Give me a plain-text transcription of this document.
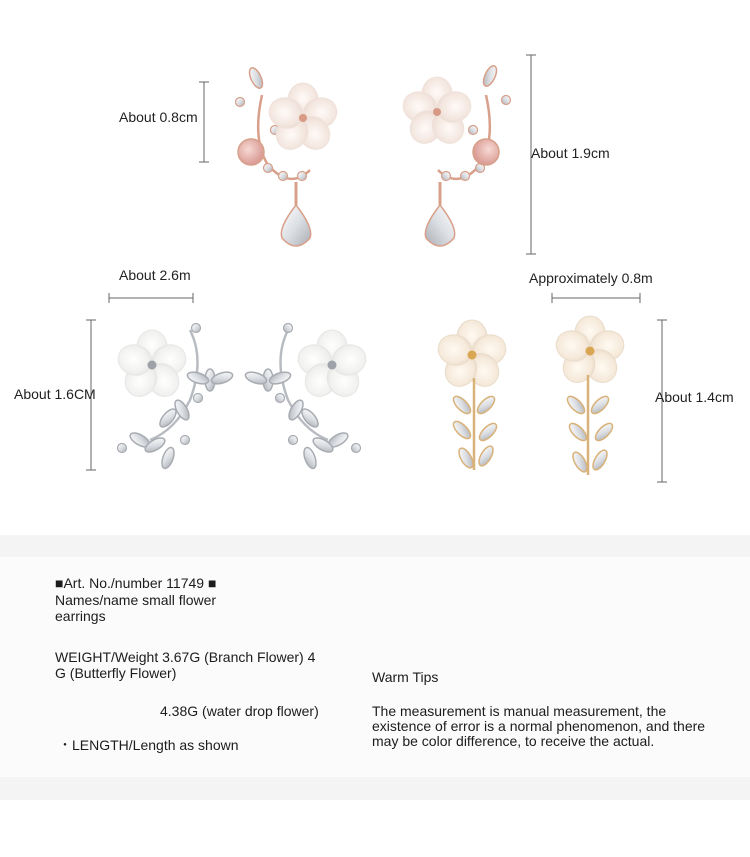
About 0.8cm
About 1.9cm
About 2.6m
About 1.6CM
Approximately 0.8m
About 1.4cm
■Art. No./number 11749 ■
Names/name small flower
earrings
WEIGHT/Weight 3.67G (Branch Flower) 4
G (Butterfly Flower)
4.38G (water drop flower)
・LENGTH/Length as shown
Warm Tips
The measurement is manual measurement, the existence of error is a normal phenomenon, and there may be color difference, to receive the actual.
